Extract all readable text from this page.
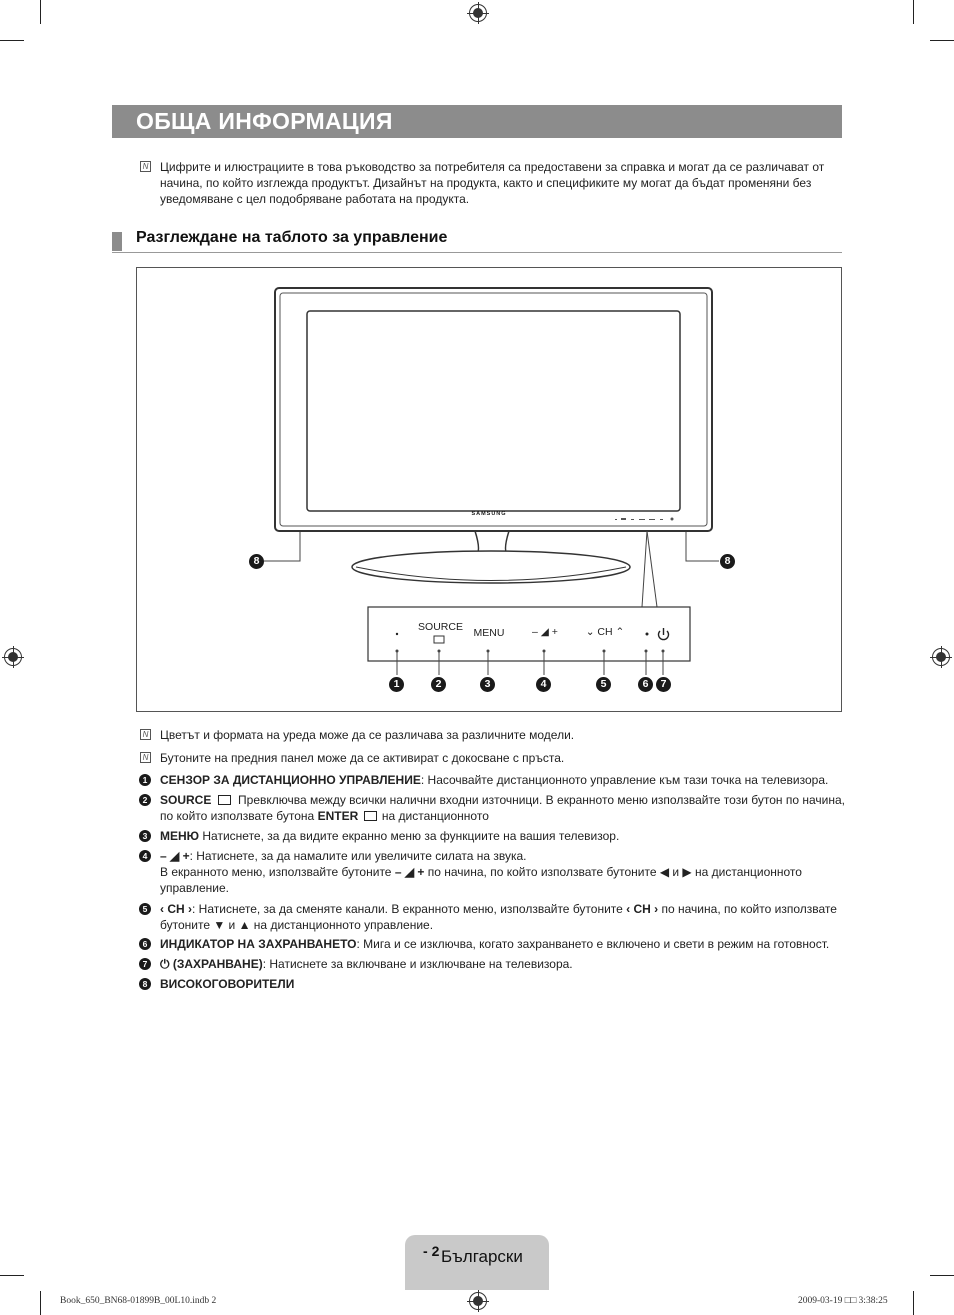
ОБЩА ИНФОРМАЦИЯ
N Цифрите и илюстрациите в това ръководство за потребителя са предоставени за справка и могат да се различават от начина, по който изглежда продуктът. Дизайнът на продукта, както и спецификите му могат да бъдат променяни без уведомяване с цел подобряване работата на продукта.
Разглеждане на таблото за управление
SAMSUNG
SOURCE	MENU	– ◢ +	⌄ CH ⌃
1	2	3	4	5	6	7
8	8
N Цветът и формата на уреда може да се различава за различните модели.
N Бутоните на предния панел може да се активират с докосване с пръста.
1	СЕНЗОР ЗА ДИСТАНЦИОННО УПРАВЛЕНИЕ: Насочвайте дистанционното управление към тази точка на телевизора.
2	SOURCE Превключва между всички налични входни източници. В екранното меню използвайте този бутон по начина, по който използвате бутона ENTER на дистанционното
3	МЕНЮ Натиснете, за да видите екранно меню за функциите на вашия телевизор.
4	– ◢ +: Натиснете, за да намалите или увеличите силата на звука.
В екранното меню, използвайте бутоните – ◢ + по начина, по който използвате бутоните ◀ и ▶ на дистанционното управление.
5	‹ CH ›: Натиснете, за да сменяте канали. В екранното меню, използвайте бутоните ‹ CH › по начина, по който използвате бутоните ▼ и ▲ на дистанционното управление.
6	ИНДИКАТОР НА ЗАХРАНВАНЕТО: Мига и се изключва, когато захранването е включено и свети в режим на готовност.
7	⏻ (ЗАХРАНВАНЕ): Натиснете за включване и изключване на телевизора.
8	ВИСОКОГОВОРИТЕЛИ
Български
- 2
Book_650_BN68-01899B_00L10.indb 2	2009-03-19 □□ 3:38:25
